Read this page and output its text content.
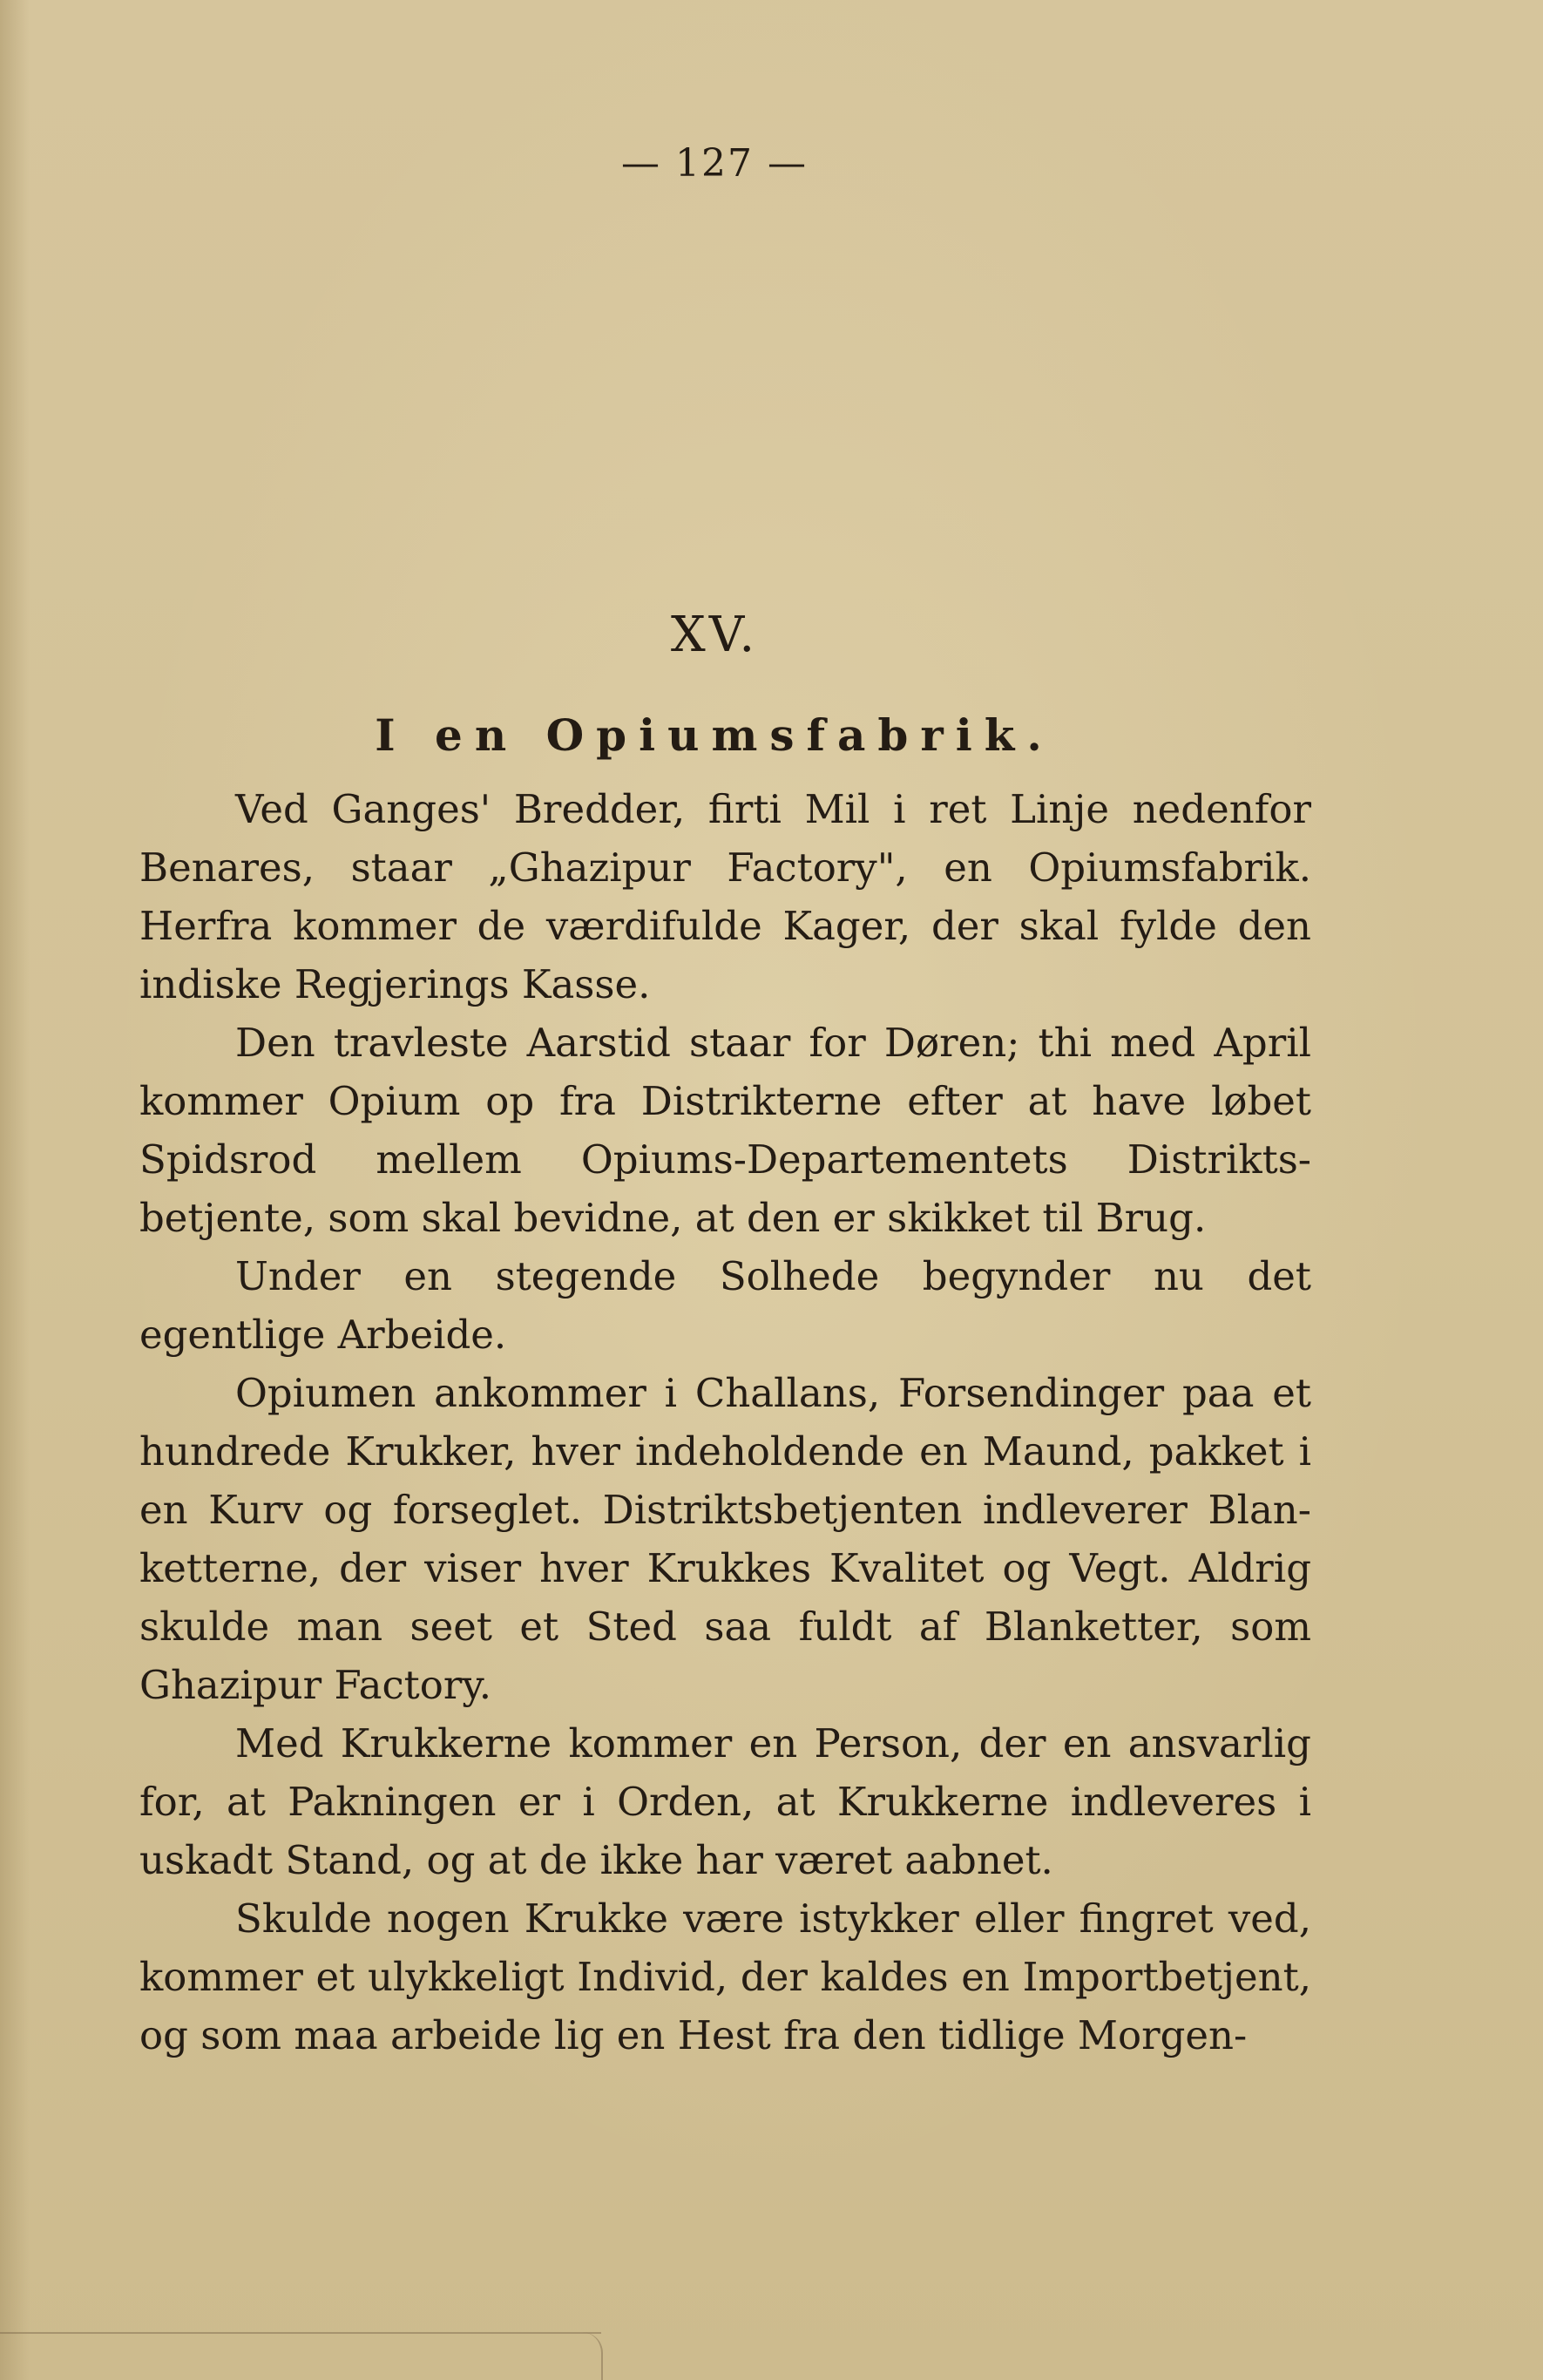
— 127 —
XV.
I en Opiumsfabrik.

Ved Ganges' Bredder, firti Mil i ret Linje nedenfor Benares, staar „Ghazipur Factory", en Opiumsfabrik. Herfra kommer de værdifulde Kager, der skal fylde den indiske Regjerings Kasse.

Den travleste Aarstid staar for Døren; thi med April kommer Opium op fra Distrikterne efter at have løbet Spidsrod mellem Opiums-Departementets Distrikts-betjente, som skal bevidne, at den er skikket til Brug.

Under en stegende Solhede begynder nu det egentlige Arbeide.

Opiumen ankommer i Challans, Forsendinger paa et hundrede Krukker, hver indeholdende en Maund, pakket i en Kurv og forseglet. Distriktsbetjenten indleverer Blan-ketterne, der viser hver Krukkes Kvalitet og Vegt. Aldrig skulde man seet et Sted saa fuldt af Blanketter, som Ghazipur Factory.

Med Krukkerne kommer en Person, der en ansvarlig for, at Pakningen er i Orden, at Krukkerne indleveres i uskadt Stand, og at de ikke har været aabnet.

Skulde nogen Krukke være istykker eller fingret ved, kommer et ulykkeligt Individ, der kaldes en Importbetjent, og som maa arbeide lig en Hest fra den tidlige Morgen-
